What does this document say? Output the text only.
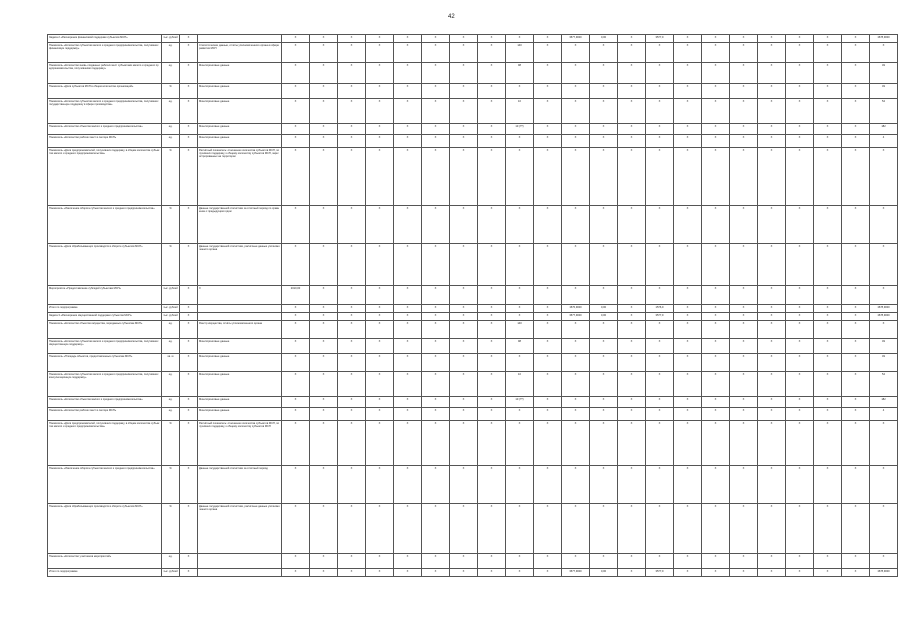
42
Задача 2 «Расширение финансовой поддержки субъектов МСП»	тыс. рублей	X		X	X	X	X	X	X	X	X	X	X	3577,9000	0,00	X	3577,9	X	X	X	X	X	X	X	1578,9000
Показатель «Количество субъектов малого и среднего предпринимательства, получивших финансовую поддержку»	ед.	X	Статистические данные, отчёты уполномоченного органа в сфере развития МСП	X	X	X	X	X	X	X	X	140	X	X	X	X	X	X	X	X	X	X	X	X	X
Показатель «Количество вновь созданных рабочих мест субъектами малого и среднего предпринимательства, получившими поддержку»	ед.	X	Мониторинговые данные	X	X	X	X	X	X	X	X	98	X	X	X	X	X	X	X	X	X	X	X	X	49
Показатель «Доля субъектов МСП в общем количестве организаций»	%	X	Мониторинговые данные	X	X	X	X	X	X	X	X	X	X	X	X	X	X	X	X	X	X	X	X	X	49
Показатель «Количество субъектов малого и среднего предпринимательства, получивших государственную поддержку в сфере производства»	ед.	X	Мониторинговые данные	X	X	X	X	X	X	X	X	10	X	X	X	X	X	X	X	X	X	X	X	X	54
Показатель «Количество объектов малого и среднего предпринимательства»	ед.	X	Мониторинговые данные	X	X	X	X	X	X	X	X	10 (??)	X	X	X	X	X	X	X	X	X	X	X	X	182
Показатель «Количество рабочих мест в секторе МСП»	ед.	X	Мониторинговые данные	X	X	X	X	X	X	X	X	X	X	X	X	X	X	X	X	X	X	X	X	X	4
Показатель «Доля предпринимателей, получивших поддержку, в общем количестве субъектов малого и среднего предпринимательства»	%	X	Расчётный показатель: отношение количества субъектов МСП, получивших поддержку, к общему количеству субъектов МСП, зарегистрированных на территории	X	X	X	X	X	X	X	X	X	X	X	X	X	X	X	X	X	X	X	X	X	X
Показатель «Увеличение оборота субъектов малого и среднего предпринимательства»	%	X	Данные государственной статистики за отчётный период по сравнению с предыдущим годом	X	X	X	X	X	X	X	X	X	X	X	X	X	X	X	X	X	X	X	X	X	X
Показатель «Доля обрабатывающих производств в обороте субъектов МСП»	%	X	Данные государственной статистики, расчётные данные уполномоченного органа	X	X	X	X	X	X	X	X	X	X	X	X	X	X	X	X	X	X	X	X	X	X
Мероприятие «Предоставление субсидий субъектам МСП»	тыс. рублей	X	X	2010,00	X	X	X	X	X	X	X	X	X	X	X	X	X	X	X	X	X	X	X	X	X
Итого по подпрограмме	тыс. рублей	X		X	X	X	X	X	X	X	X	X	X	1576,9000	0,00	X	1576,9	X	X	X	X	X	X	X	1578,9000
Задача 3 «Расширение имущественной поддержки субъектов МСП»	тыс. рублей	X		X	X	X	X	X	X	X	X	X	X	3577,9000	0,00	X	3577,9	X	X	X	X	X	X	X	1578,9000
Показатель «Количество объектов имущества, переданных субъектам МСП»	ед.	X	Реестр имущества, отчёты уполномоченного органа	X	X	X	X	X	X	X	X	140	X	X	X	X	X	X	X	X	X	X	X	X	X
Показатель «Количество субъектов малого и среднего предпринимательства, получивших имущественную поддержку»	ед.	X	Мониторинговые данные	X	X	X	X	X	X	X	X	98	X	X	X	X	X	X	X	X	X	X	X	X	49
Показатель «Площадь объектов, предоставленных субъектам МСП»	кв. м	X	Мониторинговые данные	X	X	X	X	X	X	X	X	X	X	X	X	X	X	X	X	X	X	X	X	X	49
Показатель «Количество субъектов малого и среднего предпринимательства, получивших консультационную поддержку»	ед.	X	Мониторинговые данные	X	X	X	X	X	X	X	X	10	X	X	X	X	X	X	X	X	X	X	X	X	54
Показатель «Количество объектов малого и среднего предпринимательства»	ед.	X	Мониторинговые данные	X	X	X	X	X	X	X	X	10 (??)	X	X	X	X	X	X	X	X	X	X	X	X	182
Показатель «Количество рабочих мест в секторе МСП»	ед.	X	Мониторинговые данные	X	X	X	X	X	X	X	X	X	X	X	X	X	X	X	X	X	X	X	X	X	4
Показатель «Доля предпринимателей, получивших поддержку, в общем количестве субъектов малого и среднего предпринимательства»	%	X	Расчётный показатель: отношение количества субъектов МСП, получивших поддержку, к общему количеству субъектов МСП	X	X	X	X	X	X	X	X	X	X	X	X	X	X	X	X	X	X	X	X	X	X
Показатель «Увеличение оборота субъектов малого и среднего предпринимательства»	%	X	Данные государственной статистики за отчётный период	X	X	X	X	X	X	X	X	X	X	X	X	X	X	X	X	X	X	X	X	X	X
Показатель «Доля обрабатывающих производств в обороте субъектов МСП»	%	X	Данные государственной статистики, расчётные данные уполномоченного органа	X	X	X	X	X	X	X	X	X	X	X	X	X	X	X	X	X	X	X	X	X	X
Показатель «Количество участников мероприятий»	ед.	X		X	X	X	X	X	X	X	X	X	X	X	X	X	X	X	X	X	X	X	X	X	X
Итого по подпрограмме	тыс. рублей	X		X	X	X	X	X	X	X	X	X	X	3577,9000	0,00	X	3577,9	X	X	X	X	X	X	X	1578,9000
